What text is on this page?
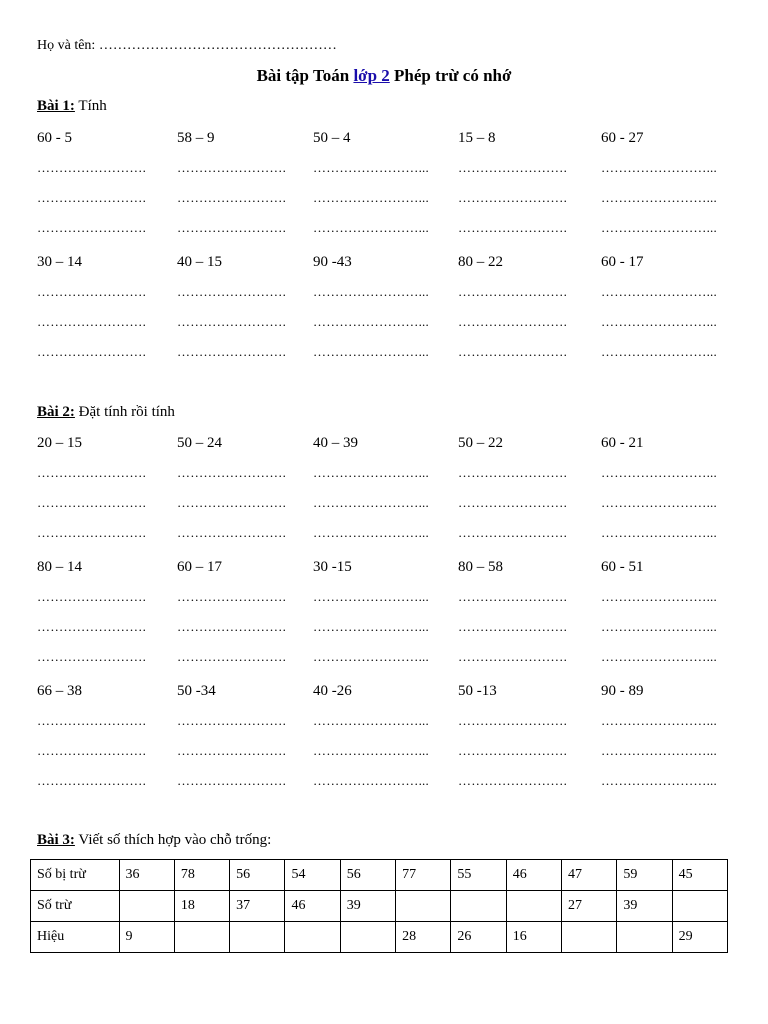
Họ và tên: ……………………………………………
Bài tập Toán lớp 2 Phép trừ có nhớ
Bài 1: Tính
60 - 5
…………………….
…………………….
…………………….
58 – 9
…………………….
…………………….
…………………….
50 – 4
……………………...
……………………...
……………………...
15 – 8
…………………….
…………………….
…………………….
60 - 27
……………………...
……………………...
……………………...
30 – 14
…………………….
…………………….
…………………….
40 – 15
…………………….
…………………….
…………………….
90 -43
……………………...
……………………...
……………………...
80 – 22
…………………….
…………………….
…………………….
60 - 17
……………………...
……………………...
……………………...
Bài 2: Đặt tính rồi tính
20 – 15
…………………….
…………………….
…………………….
50 – 24
…………………….
…………………….
…………………….
40 – 39
……………………...
……………………...
……………………...
50 – 22
…………………….
…………………….
…………………….
60 - 21
……………………...
……………………...
……………………...
80 – 14
…………………….
…………………….
…………………….
60 – 17
…………………….
…………………….
…………………….
30 -15
……………………...
……………………...
……………………...
80 – 58
…………………….
…………………….
…………………….
60 - 51
……………………...
……………………...
……………………...
66 – 38
…………………….
…………………….
…………………….
50 -34
…………………….
…………………….
…………………….
40 -26
……………………...
……………………...
……………………...
50 -13
…………………….
…………………….
…………………….
90 - 89
……………………...
……………………...
……………………...
Bài 3: Viết số thích hợp vào chỗ trống:
Số bị trừ	36	78	56	54	56	77	55	46	47	59	45
Số trừ		18	37	46	39				27	39	
Hiệu	9					28	26	16			29
